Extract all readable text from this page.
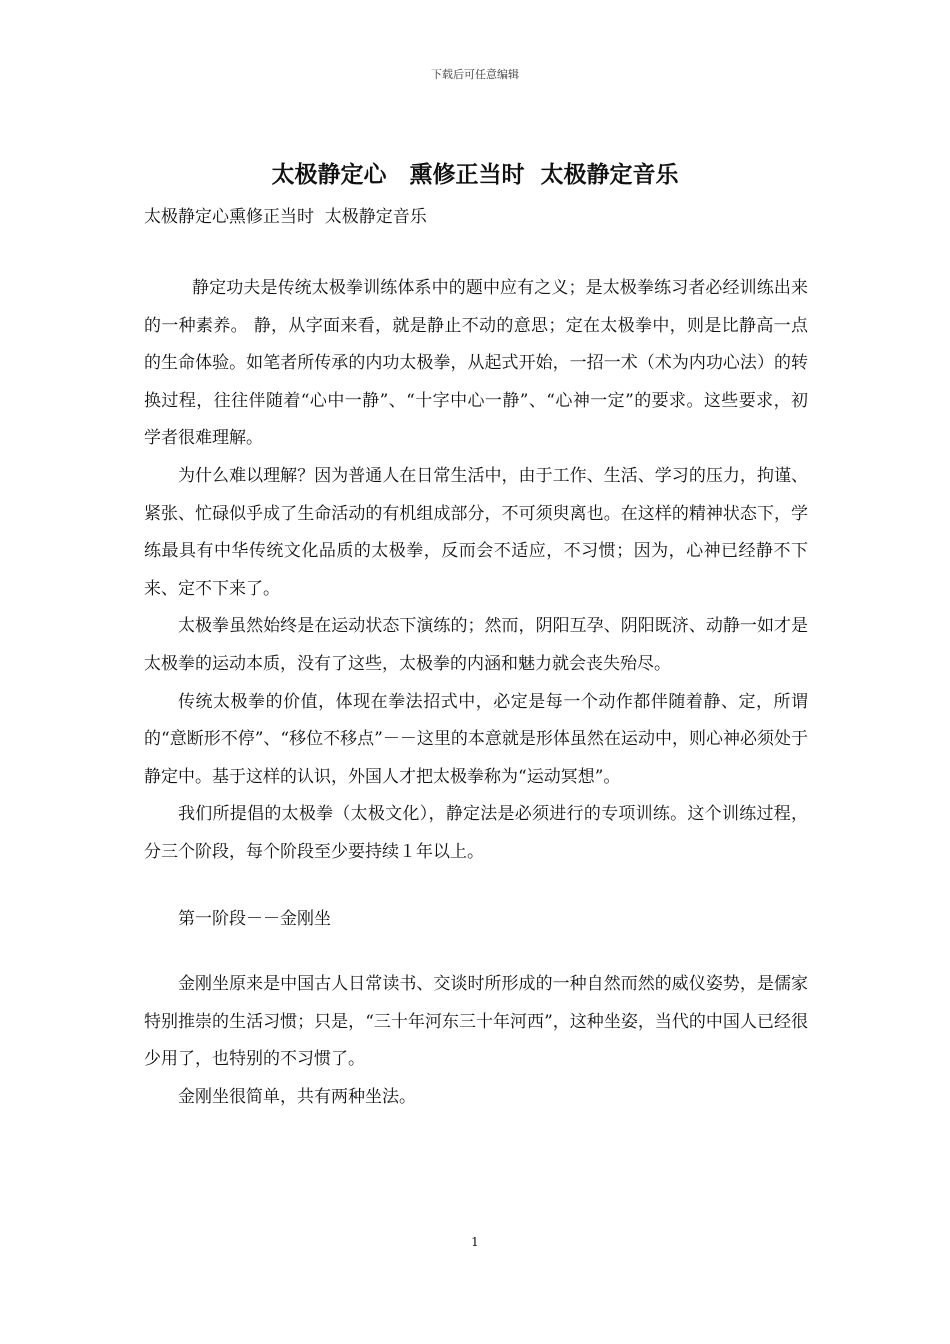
下载后可任意编辑
太极静定心　熏修正当时  太极静定音乐
太极静定心熏修正当时  太极静定音乐

静定功夫是传统太极拳训练体系中的题中应有之义；是太极拳练习者必经训练出来的一种素养。 静，从字面来看，就是静止不动的意思；定在太极拳中，则是比静高一点的生命体验。如笔者所传承的内功太极拳，从起式开始，一招一术（术为内功心法）的转换过程，往往伴随着“心中一静”、“十字中心一静”、“心神一定”的要求。这些要求，初学者很难理解。

为什么难以理解？因为普通人在日常生活中，由于工作、生活、学习的压力，拘谨、紧张、忙碌似乎成了生命活动的有机组成部分，不可须臾离也。在这样的精神状态下，学练最具有中华传统文化品质的太极拳，反而会不适应，不习惯；因为，心神已经静不下来、定不下来了。

太极拳虽然始终是在运动状态下演练的；然而，阴阳互孕、阴阳既济、动静一如才是太极拳的运动本质，没有了这些，太极拳的内涵和魅力就会丧失殆尽。

传统太极拳的价值，体现在拳法招式中，必定是每一个动作都伴随着静、定，所谓的“意断形不停”、“移位不移点”－－这里的本意就是形体虽然在运动中，则心神必须处于静定中。基于这样的认识，外国人才把太极拳称为“运动冥想”。

我们所提倡的太极拳（太极文化），静定法是必须进行的专项训练。这个训练过程，分三个阶段，每个阶段至少要持续１年以上。

第一阶段－－金刚坐

金刚坐原来是中国古人日常读书、交谈时所形成的一种自然而然的威仪姿势，是儒家特别推崇的生活习惯；只是，“三十年河东三十年河西”，这种坐姿，当代的中国人已经很少用了，也特别的不习惯了。

金刚坐很简单，共有两种坐法。

1
